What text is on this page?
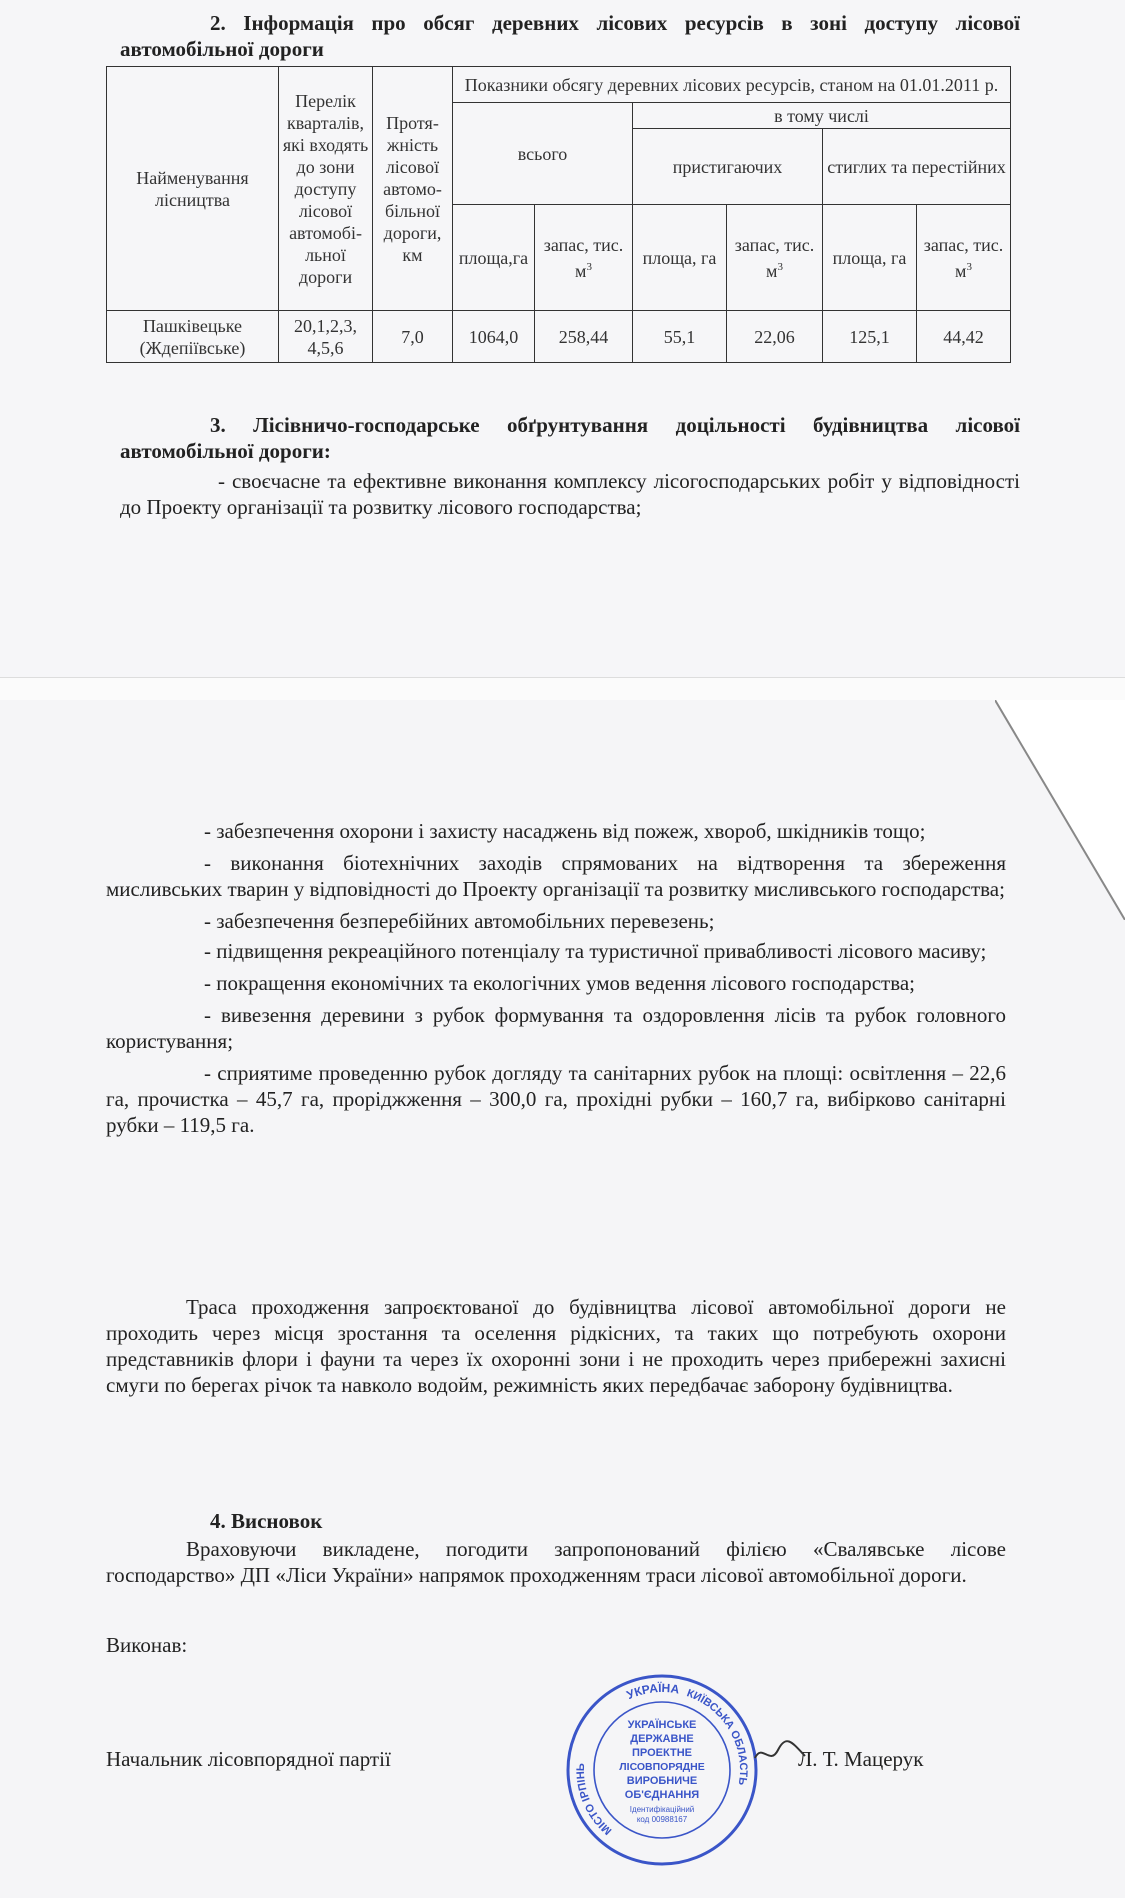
2. Інформація про обсяг деревних лісових ресурсів в зоні доступу лісової автомобільної дороги
Найменування лісництва	Перелік кварталів, які входять до зони доступу лісової автомобі-льної дороги	Протя-жність лісової автомо-більної дороги, км	Показники обсягу деревних лісових ресурсів, станом на 01.01.2011 р.					
			всього		в тому числі			
					пристигаючих		стиглих та перестійних	
			площа,га	запас, тис. $м^3$	площа, га	запас, тис. $м^3$	площа, га	запас, тис. $м^3$
Пашківецьке (Ждепіївське)	20,1,2,3, 4,5,6	7,0	1064,0	258,44	55,1	22,06	125,1	44,42
3. Лісівничо-господарське обґрунтування доцільності будівництва лісової автомобільної дороги:
- своєчасне та ефективне виконання комплексу лісогосподарських робіт у відповідності до Проекту організації та розвитку лісового господарства;
- забезпечення охорони і захисту насаджень від пожеж, хвороб, шкідників тощо;
- виконання біотехнічних заходів спрямованих на відтворення та збереження мисливських тварин у відповідності до Проекту організації та розвитку мисливського господарства;
- забезпечення безперебійних автомобільних перевезень;
- підвищення рекреаційного потенціалу та туристичної привабливості лісового масиву;
- покращення економічних та екологічних умов ведення лісового господарства;
- вивезення деревини з рубок формування та оздоровлення лісів та рубок головного користування;
- сприятиме проведенню рубок догляду та санітарних рубок на площі: освітлення – 22,6 га, прочистка – 45,7 га, проріджження – 300,0 га, прохідні рубки – 160,7 га, вибірково санітарні рубки – 119,5 га.
Траса проходження запроєктованої до будівництва лісової автомобільної дороги не проходить через місця зростання та оселення рідкісних, та таких що потребують охорони представників флори і фауни та через їх охоронні зони і не проходить через прибережні захисні смуги по берегах річок та навколо водойм, режимність яких передбачає заборону будівництва.
4. Висновок
Враховуючи викладене, погодити запропонований філією «Свалявське лісове господарство» ДП «Ліси України» напрямок проходженням траси лісової автомобільної дороги.
Виконав:
Начальник лісовпорядної партії	Л. Т. Мацерук
УКРАЇНА КИЇВСЬКА ОБЛАСТЬ
МІСТО ІРПІНЬ
УКРАЇНСЬКЕ
ДЕРЖАВНЕ
ПРОЕКТНЕ
ЛІСОВПОРЯДНЕ
ВИРОБНИЧЕ
ОБ'ЄДНАННЯ
Ідентифікаційний
код 00988167
